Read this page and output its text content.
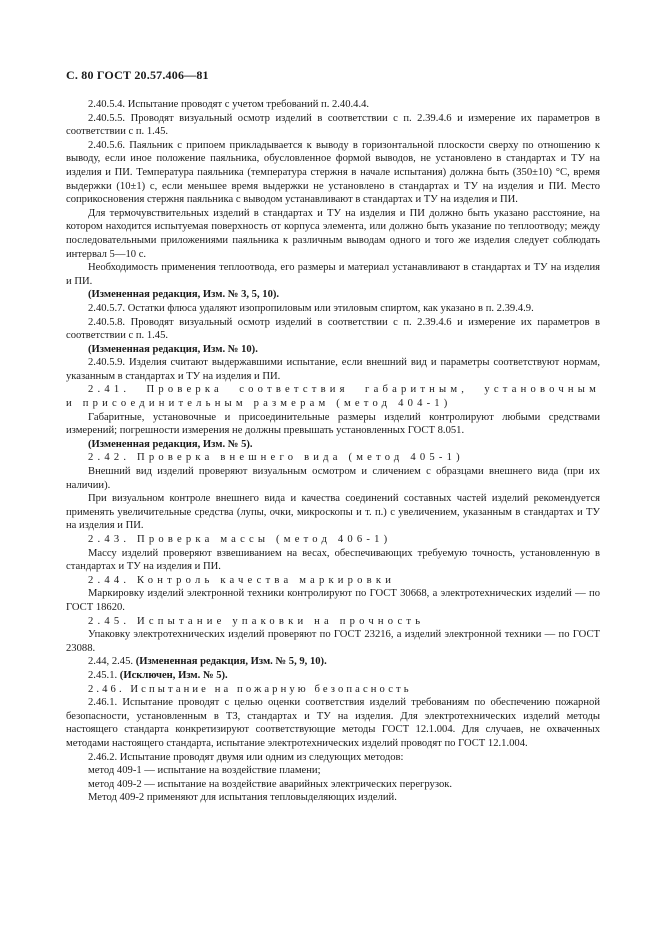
С. 80 ГОСТ 20.57.406—81

2.40.5.4. Испытание проводят с учетом требований п. 2.40.4.4.

2.40.5.5. Проводят визуальный осмотр изделий в соответствии с п. 2.39.4.6 и измерение их параметров в соответствии с п. 1.45.

2.40.5.6. Паяльник с припоем прикладывается к выводу в горизонтальной плоскости сверху по отношению к выводу, если иное положение паяльника, обусловленное формой выводов, не установлено в стандартах и ТУ на изделия и ПИ. Температура паяльника (температура стержня в начале испытания) должна быть (350±10) °С, время выдержки (10±1) с, если меньшее время выдержки не установлено в стандартах и ТУ на изделия и ПИ. Место соприкосновения стержня паяльника с выводом устанавливают в стандартах и ТУ на изделия и ПИ.

Для термочувствительных изделий в стандартах и ТУ на изделия и ПИ должно быть указано расстояние, на котором находится испытуемая поверхность от корпуса элемента, или должно быть указание по теплоотводу; между последовательными приложениями паяльника к различным выводам одного и того же изделия следует соблюдать интервал 5—10 с.

Необходимость применения теплоотвода, его размеры и материал устанавливают в стандартах и ТУ на изделия и ПИ.

(Измененная редакция, Изм. № 3, 5, 10).

2.40.5.7. Остатки флюса удаляют изопропиловым или этиловым спиртом, как указано в п. 2.39.4.9.

2.40.5.8. Проводят визуальный осмотр изделий в соответствии с п. 2.39.4.6 и измерение их параметров в соответствии с п. 1.45.

(Измененная редакция, Изм. № 10).

2.40.5.9. Изделия считают выдержавшими испытание, если внешний вид и параметры соответствуют нормам, указанным в стандартах и ТУ на изделия и ПИ.

2.41. Проверка соответствия габаритным, установочным

и присоединительным размерам (метод 404-1)

Габаритные, установочные и присоединительные размеры изделий контролируют любыми средствами измерений; погрешности измерения не должны превышать установленных ГОСТ 8.051.

(Измененная редакция, Изм. № 5).

2.42. Проверка внешнего вида (метод 405-1)

Внешний вид изделий проверяют визуальным осмотром и сличением с образцами внешнего вида (при их наличии).

При визуальном контроле внешнего вида и качества соединений составных частей изделий рекомендуется применять увеличительные средства (лупы, очки, микроскопы и т. п.) с увеличением, указанным в стандартах и ТУ на изделия и ПИ.

2.43. Проверка массы (метод 406-1)

Массу изделий проверяют взвешиванием на весах, обеспечивающих требуемую точность, установленную в стандартах и ТУ на изделия и ПИ.

2.44. Контроль качества маркировки

Маркировку изделий электронной техники контролируют по ГОСТ 30668, а электротехнических изделий — по ГОСТ 18620.

2.45. Испытание упаковки на прочность

Упаковку электротехнических изделий проверяют по ГОСТ 23216, а изделий электронной техники — по ГОСТ 23088.

2.44, 2.45. (Измененная редакция, Изм. № 5, 9, 10).

2.45.1. (Исключен, Изм. № 5).

2.46. Испытание на пожарную безопасность

2.46.1. Испытание проводят с целью оценки соответствия изделий требованиям по обеспечению пожарной безопасности, установленным в ТЗ, стандартах и ТУ на изделия. Для электротехнических изделий методы настоящего стандарта конкретизируют соответствующие методы ГОСТ 12.1.004. Для случаев, не охваченных методами настоящего стандарта, испытание электротехнических изделий проводят по ГОСТ 12.1.004.

2.46.2. Испытание проводят двумя или одним из следующих методов:

метод 409-1 — испытание на воздействие пламени;

метод 409-2 — испытание на воздействие аварийных электрических перегрузок.

Метод 409-2 применяют для испытания тепловыделяющих изделий.
